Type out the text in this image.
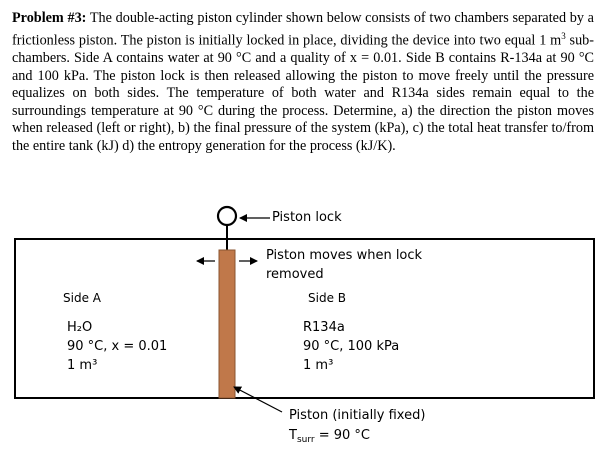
Problem #3: The double-acting piston cylinder shown below consists of two chambers separated by a frictionless piston. The piston is initially locked in place, dividing the device into two equal 1 $m^3$ sub-chambers. Side A contains water at 90 °C and a quality of x = 0.01. Side B contains R-134a at 90 °C and 100 kPa. The piston lock is then released allowing the piston to move freely until the pressure equalizes on both sides. The temperature of both water and R134a sides remain equal to the surroundings temperature at 90 °C during the process. Determine, a) the direction the piston moves when released (left or right), b) the final pressure of the system (kPa), c) the total heat transfer to/from the entire tank (kJ) d) the entropy generation for the process (kJ/K).

Piston lock
Piston moves when lock
removed
Side A
H₂O
90 °C, x = 0.01
1 m³
Side B
R134a
90 °C, 100 kPa
1 m³
Piston (initially fixed)
$T_{surr} = 90$ °C
